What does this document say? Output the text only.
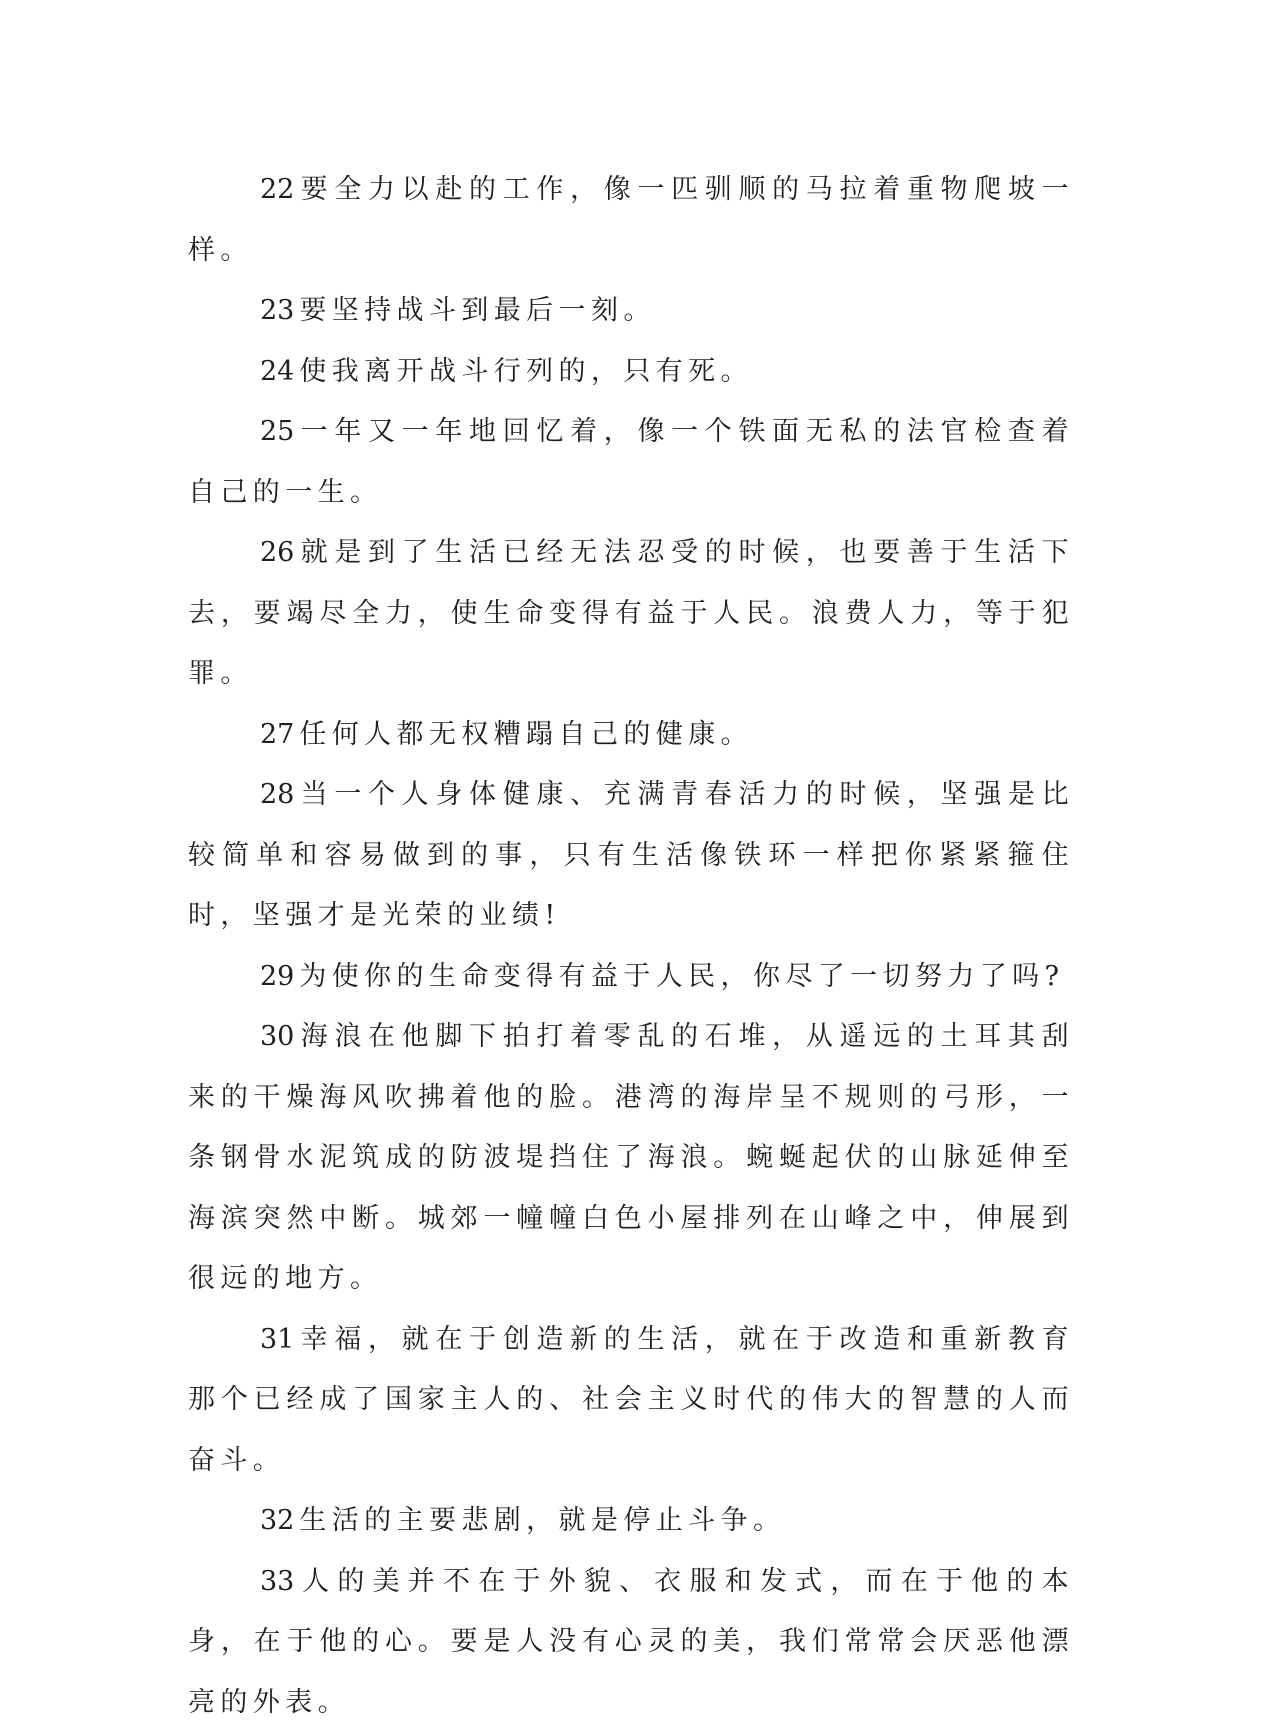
22 要全力以赴的工作，像一匹驯顺的马拉着重物爬坡一样。

23 要坚持战斗到最后一刻。

24 使我离开战斗行列的，只有死。

25 一年又一年地回忆着，像一个铁面无私的法官检查着自己的一生。

26 就是到了生活已经无法忍受的时候，也要善于生活下去，要竭尽全力，使生命变得有益于人民。浪费人力，等于犯罪。

27 任何人都无权糟蹋自己的健康。

28 当一个人身体健康、充满青春活力的时候，坚强是比较简单和容易做到的事，只有生活像铁环一样把你紧紧箍住时，坚强才是光荣的业绩!

29 为使你的生命变得有益于人民，你尽了一切努力了吗?

30 海浪在他脚下拍打着零乱的石堆，从遥远的土耳其刮来的干燥海风吹拂着他的脸。港湾的海岸呈不规则的弓形，一条钢骨水泥筑成的防波堤挡住了海浪。蜿蜒起伏的山脉延伸至海滨突然中断。城郊一幢幢白色小屋排列在山峰之中，伸展到很远的地方。

31 幸福，就在于创造新的生活，就在于改造和重新教育那个已经成了国家主人的、社会主义时代的伟大的智慧的人而奋斗。

32 生活的主要悲剧，就是停止斗争。

33 人的美并不在于外貌、衣服和发式，而在于他的本身，在于他的心。要是人没有心灵的美，我们常常会厌恶他漂亮的外表。
